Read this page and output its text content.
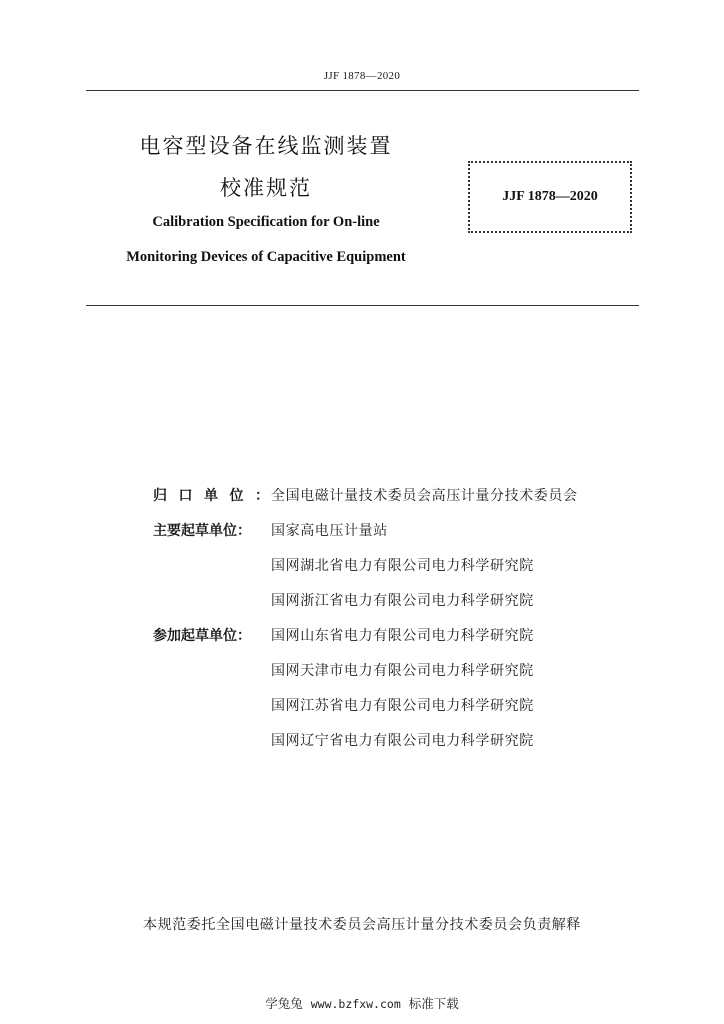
JJF 1878—2020
电容型设备在线监测装置
校准规范
Calibration Specification for On-line
Monitoring Devices of Capacitive Equipment
JJF 1878—2020
归口单位：
全国电磁计量技术委员会高压计量分技术委员会
主要起草单位：	国家高电压计量站
国网湖北省电力有限公司电力科学研究院
国网浙江省电力有限公司电力科学研究院
参加起草单位：	国网山东省电力有限公司电力科学研究院
国网天津市电力有限公司电力科学研究院
国网江苏省电力有限公司电力科学研究院
国网辽宁省电力有限公司电力科学研究院
本规范委托全国电磁计量技术委员会高压计量分技术委员会负责解释
学兔兔 www.bzfxw.com 标准下载
